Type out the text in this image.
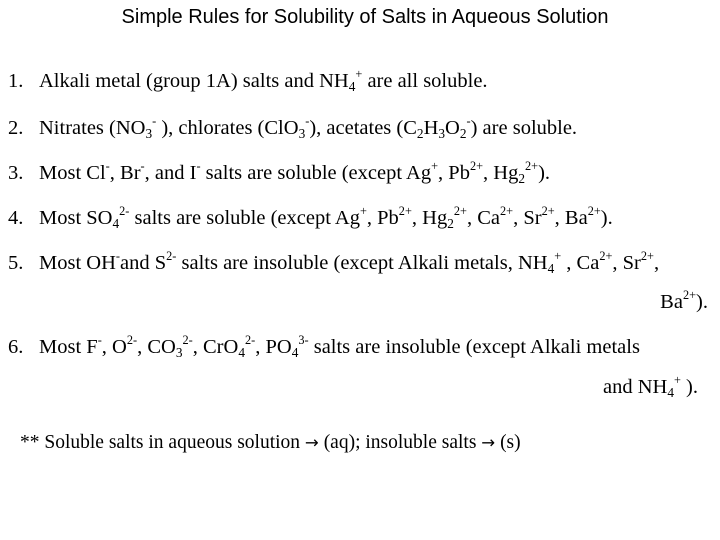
Simple Rules for Solubility of Salts in Aqueous Solution
1. Alkali metal (group 1A) salts and $NH_4^+$ are all soluble.
2. Nitrates ($NO_3^-$ ), chlorates (ClO$_3$-), acetates $(C_2H_3O_2^-)$ are soluble.
3. Most Cl-, Br-, and I- salts are soluble (except Ag+, $Pb^{2+}$, $Hg_2^{2+}$).
4. Most $SO_4^{2-}$ salts are soluble (except Ag+, $Pb^{2+}$, $Hg_2^{2+}$, $Ca^{2+}$, $Sr^{2+}$, $Ba^{2+}$).
5. Most OH-and $S^{2-}$ salts are insoluble (except Alkali metals, $NH_4^+$ , $Ca^{2+}$, $Sr^{2+}$,
$Ba^{2+}$).
6. Most F-, $O^{2-}$, $CO_3^{2-}$, CrO$_4^{2-}$, $PO_4^{3-}$ salts are insoluble (except Alkali metals
and $NH_4^+$ ).
** Soluble salts in aqueous solution → (aq); insoluble salts → (s)
